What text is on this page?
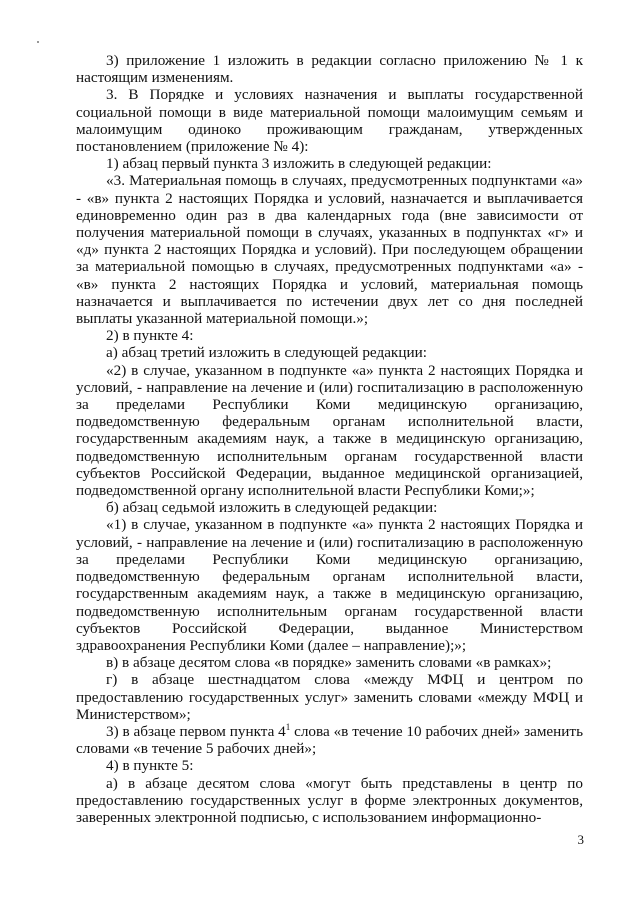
3) приложение 1 изложить в редакции согласно приложению № 1 к настоящим изменениям.

3. В Порядке и условиях назначения и выплаты государственной социальной помощи в виде материальной помощи малоимущим семьям и малоимущим одиноко проживающим гражданам, утвержденных постановлением (приложение № 4):

1) абзац первый пункта 3 изложить в следующей редакции:

«3. Материальная помощь в случаях, предусмотренных подпунктами «а» - «в» пункта 2 настоящих Порядка и условий, назначается и выплачивается единовременно один раз в два календарных года (вне зависимости от получения материальной помощи в случаях, указанных в подпунктах «г» и «д» пункта 2 настоящих Порядка и условий). При последующем обращении за материальной помощью в случаях, предусмотренных подпунктами «а» - «в» пункта 2 настоящих Порядка и условий, материальная помощь назначается и выплачивается по истечении двух лет со дня последней выплаты указанной материальной помощи.»;

2) в пункте 4:

а) абзац третий изложить в следующей редакции:

«2) в случае, указанном в подпункте «а» пункта 2 настоящих Порядка и условий, - направление на лечение и (или) госпитализацию в расположенную за пределами Республики Коми медицинскую организацию, подведомственную федеральным органам исполнительной власти, государственным академиям наук, а также в медицинскую организацию, подведомственную исполнительным органам государственной власти субъектов Российской Федерации, выданное медицинской организацией, подведомственной органу исполнительной власти Республики Коми;»;

б) абзац седьмой изложить в следующей редакции:

«1) в случае, указанном в подпункте «а» пункта 2 настоящих Порядка и условий, - направление на лечение и (или) госпитализацию в расположенную за пределами Республики Коми медицинскую организацию, подведомственную федеральным органам исполнительной власти, государственным академиям наук, а также в медицинскую организацию, подведомственную исполнительным органам государственной власти субъектов Российской Федерации, выданное Министерством здравоохранения Республики Коми (далее – направление);»;

в) в абзаце десятом слова «в порядке» заменить словами «в рамках»;

г) в абзаце шестнадцатом слова «между МФЦ и центром по предоставлению государственных услуг» заменить словами «между МФЦ и Министерством»;

3) в абзаце первом пункта $4^1$ слова «в течение 10 рабочих дней» заменить словами «в течение 5 рабочих дней»;

4) в пункте 5:

а) в абзаце десятом слова «могут быть представлены в центр по предоставлению государственных услуг в форме электронных документов, заверенных электронной подписью, с использованием информационно-

3
